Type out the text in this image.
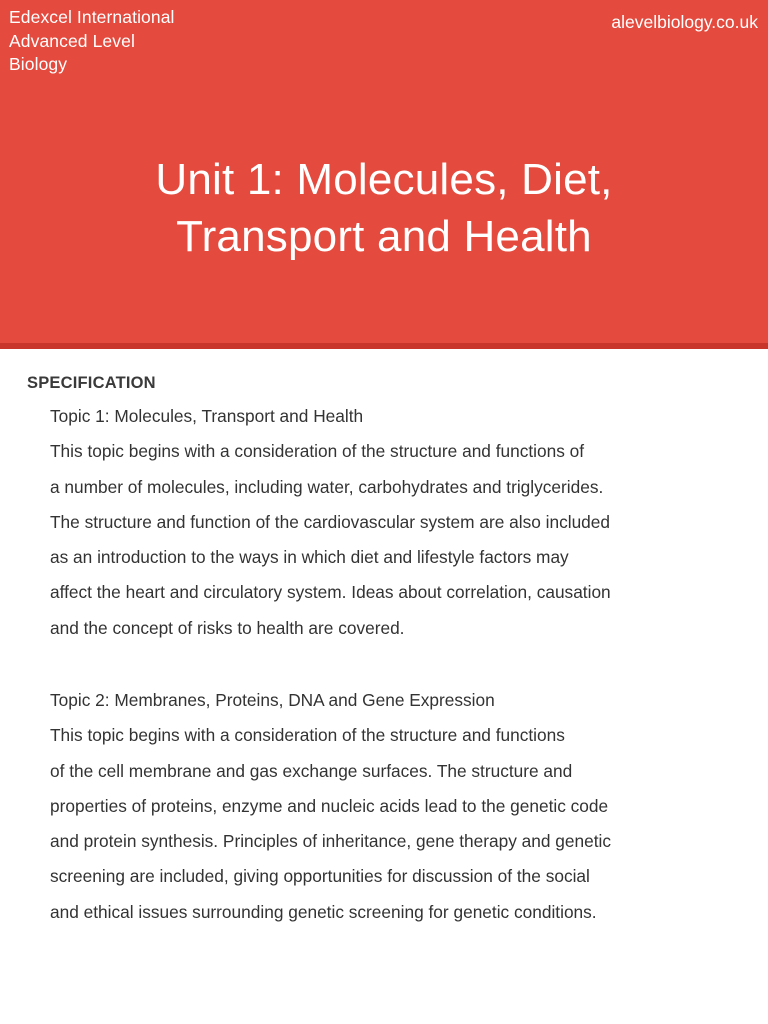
Edexcel International
Advanced Level
Biology
alevelbiology.co.uk
Unit 1: Molecules, Diet,
Transport and Health
SPECIFICATION
Topic 1: Molecules, Transport and Health
This topic begins with a consideration of the structure and functions of
a number of molecules, including water, carbohydrates and triglycerides.
The structure and function of the cardiovascular system are also included
as an introduction to the ways in which diet and lifestyle factors may
affect the heart and circulatory system. Ideas about correlation, causation
and the concept of risks to health are covered.
Topic 2: Membranes, Proteins, DNA and Gene Expression
This topic begins with a consideration of the structure and functions
of the cell membrane and gas exchange surfaces. The structure and
properties of proteins, enzyme and nucleic acids lead to the genetic code
and protein synthesis. Principles of inheritance, gene therapy and genetic
screening are included, giving opportunities for discussion of the social
and ethical issues surrounding genetic screening for genetic conditions.
